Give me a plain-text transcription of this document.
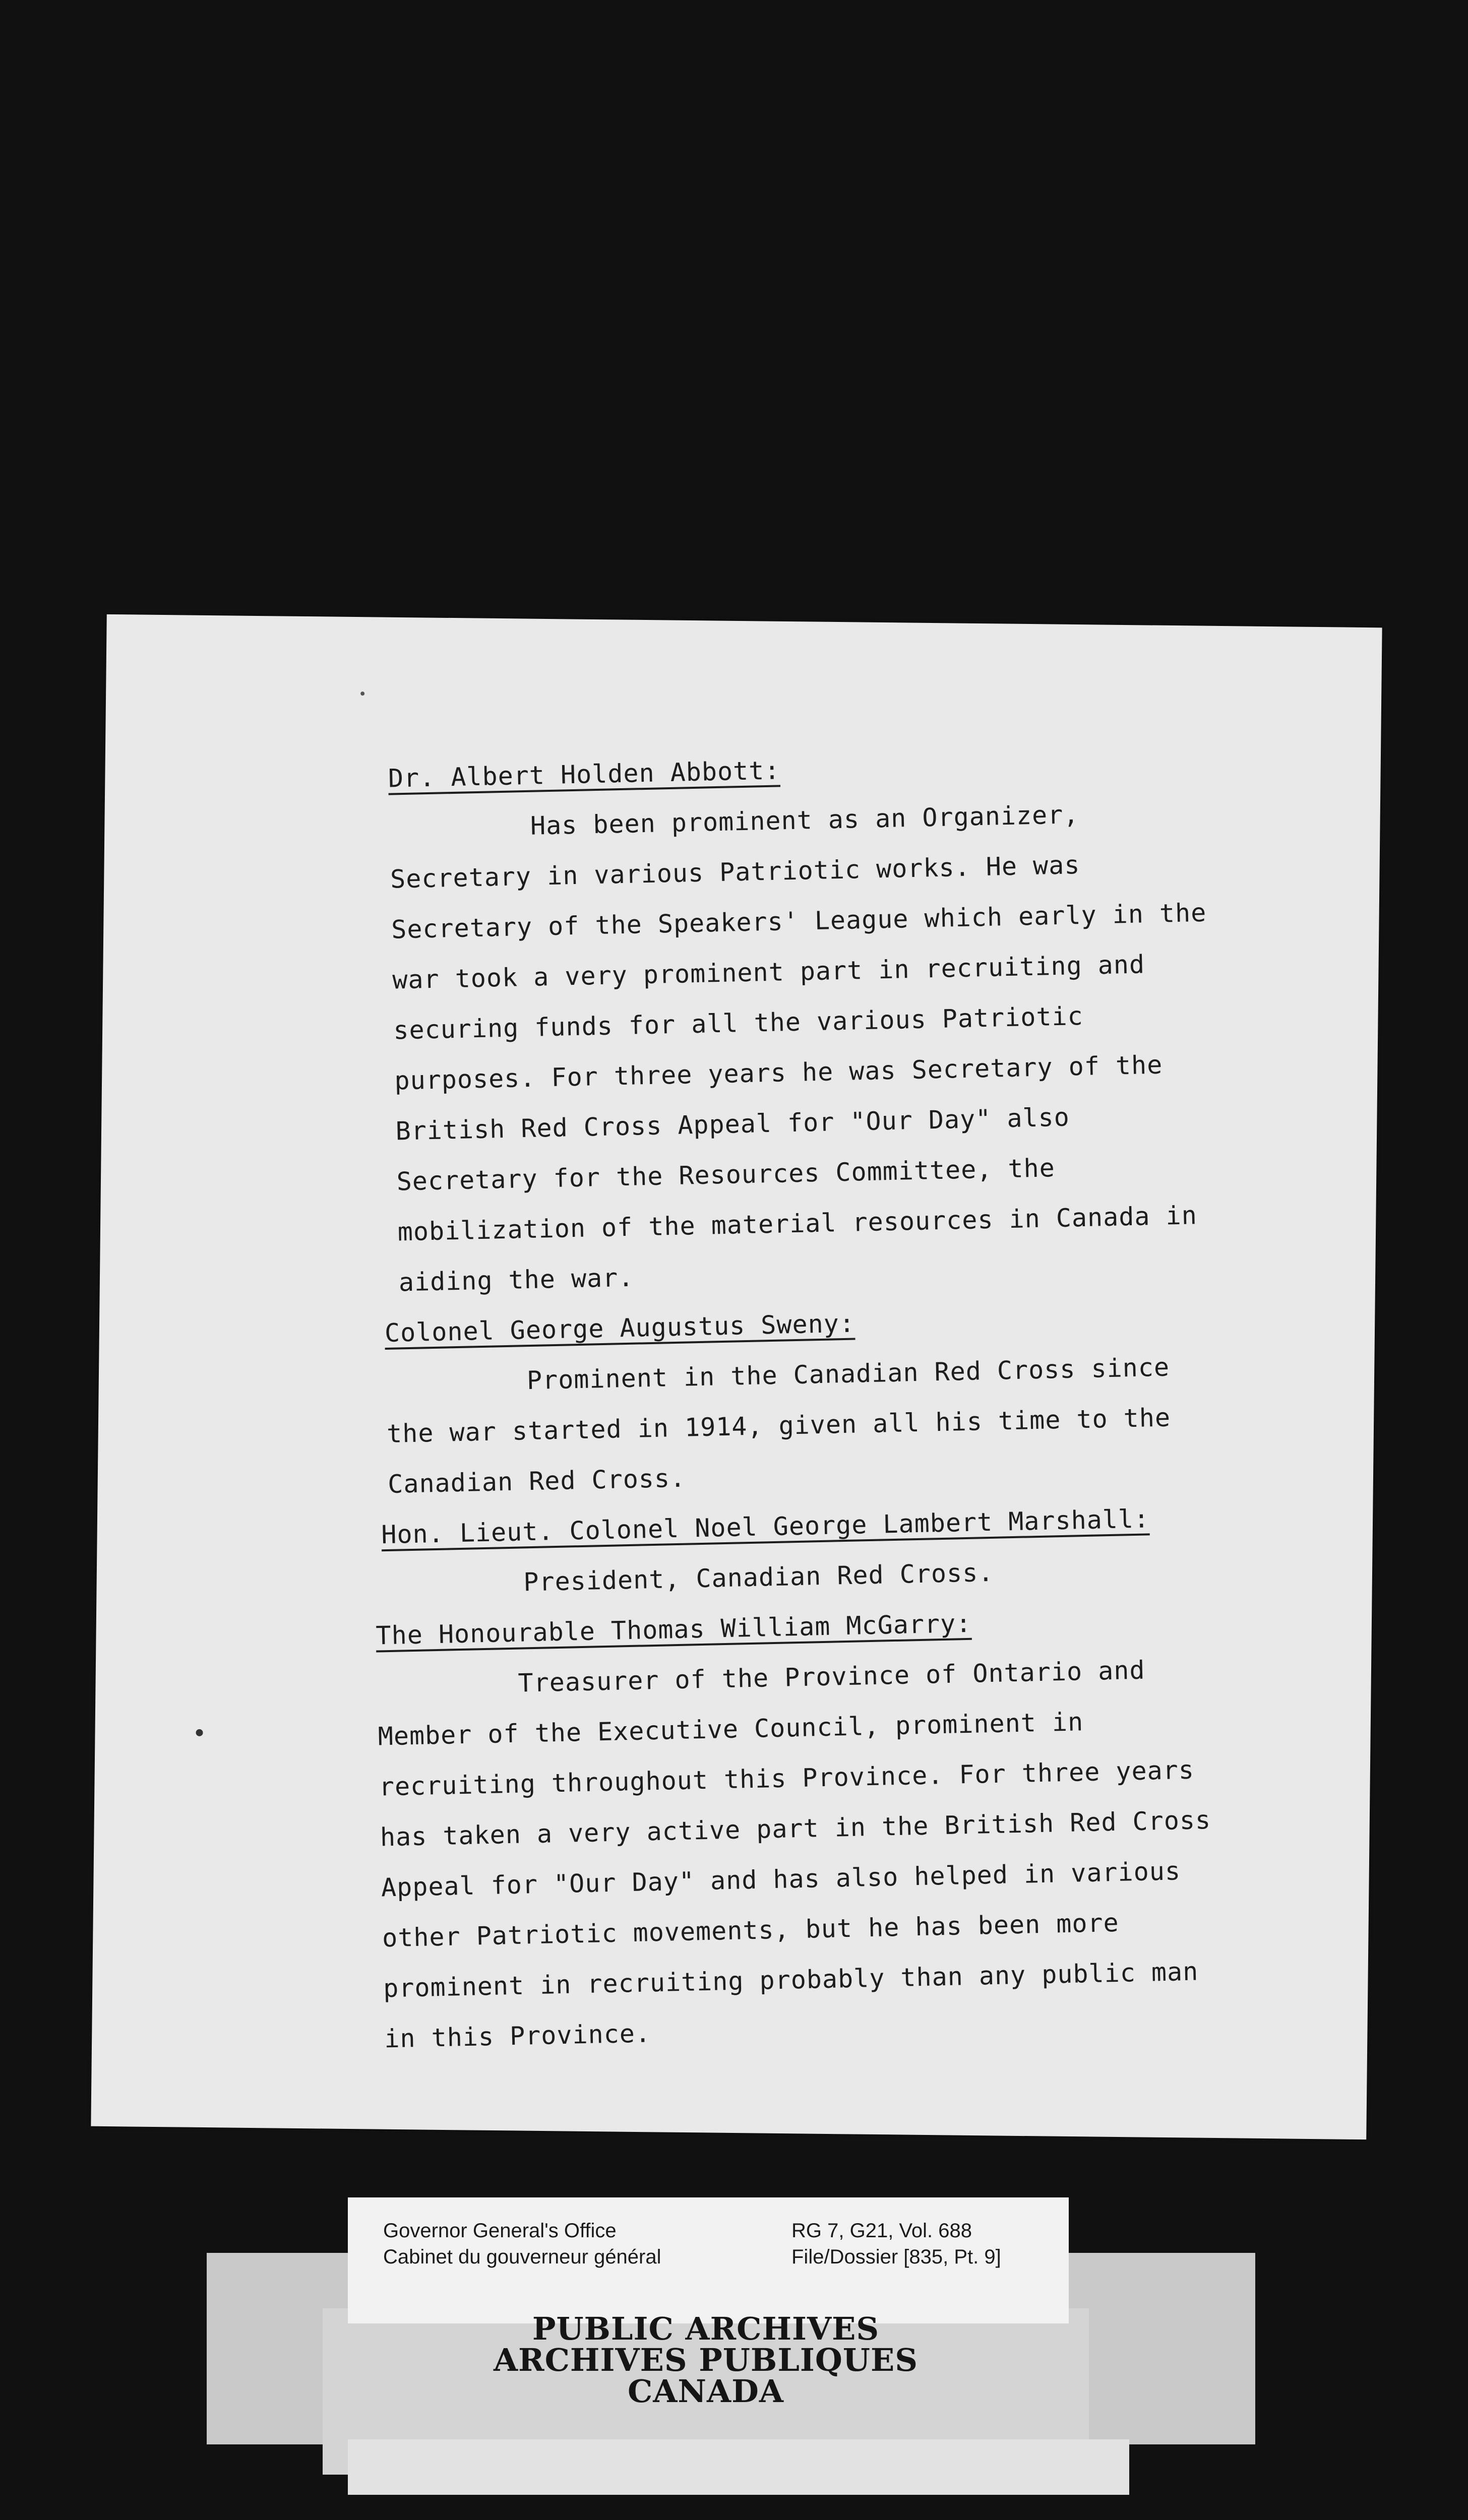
Dr. Albert Holden Abbott:

Has been prominent as an Organizer, Secretary in various Patriotic works. He was Secretary of the Speakers' League which early in the war took a very prominent part in recruiting and securing funds for all the various Patriotic purposes. For three years he was Secretary of the British Red Cross Appeal for "Our Day" also Secretary for the Resources Committee, the mobilization of the material resources in Canada in aiding the war.

Colonel George Augustus Sweny:

Prominent in the Canadian Red Cross since the war started in 1914, given all his time to the Canadian Red Cross.

Hon. Lieut. Colonel Noel George Lambert Marshall:

President, Canadian Red Cross.

The Honourable Thomas William McGarry:

Treasurer of the Province of Ontario and Member of the Executive Council, prominent in recruiting throughout this Province. For three years has taken a very active part in the British Red Cross Appeal for "Our Day" and has also helped in various other Patriotic movements, but he has been more prominent in recruiting probably than any public man in this Province.

Governor General's Office
Cabinet du gouverneur général
RG 7, G21, Vol. 688
File/Dossier [835, Pt. 9]
PUBLIC ARCHIVES
ARCHIVES PUBLIQUES
CANADA
